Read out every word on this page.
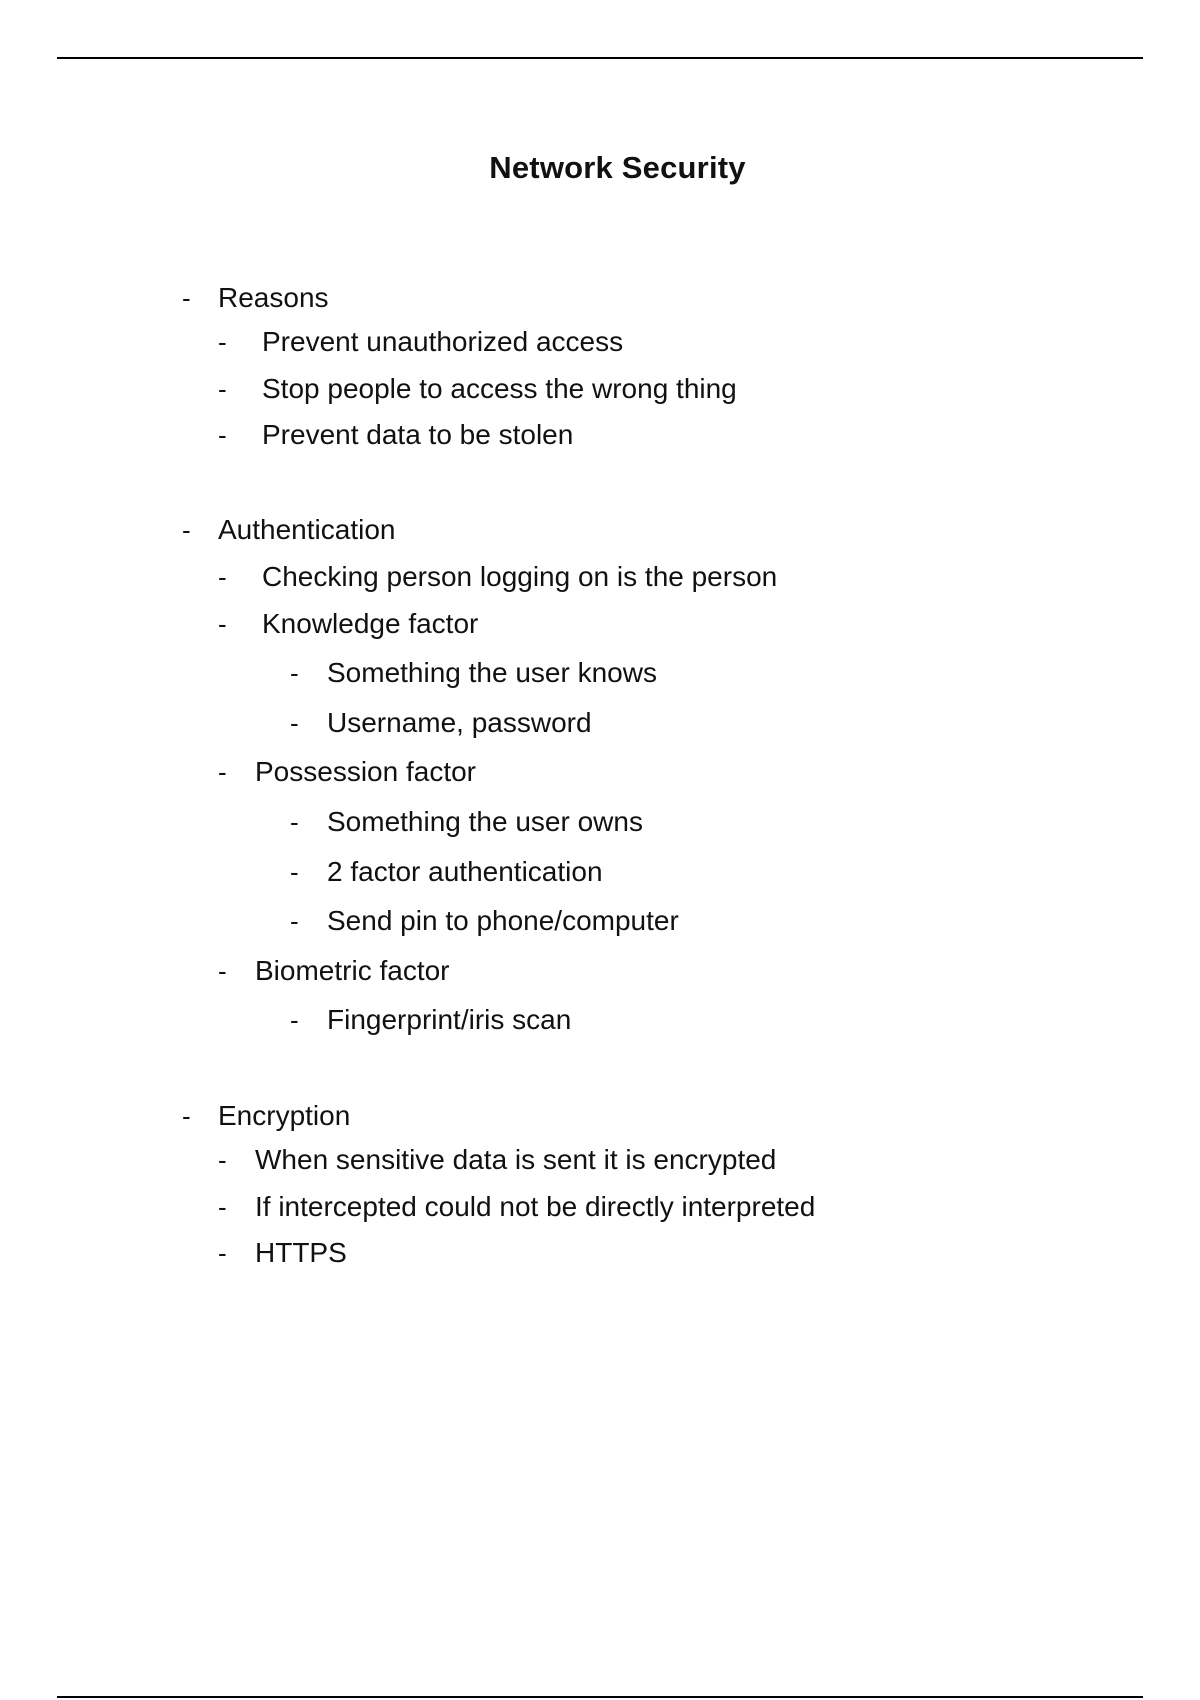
Network Security
- Reasons
- Prevent unauthorized access
- Stop people to access the wrong thing
- Prevent data to be stolen
- Authentication
- Checking person logging on is the person
- Knowledge factor
- Something the user knows
- Username, password
- Possession factor
- Something the user owns
- 2 factor authentication
- Send pin to phone/computer
- Biometric factor
- Fingerprint/iris scan
- Encryption
- When sensitive data is sent it is encrypted
- If intercepted could not be directly interpreted
- HTTPS
